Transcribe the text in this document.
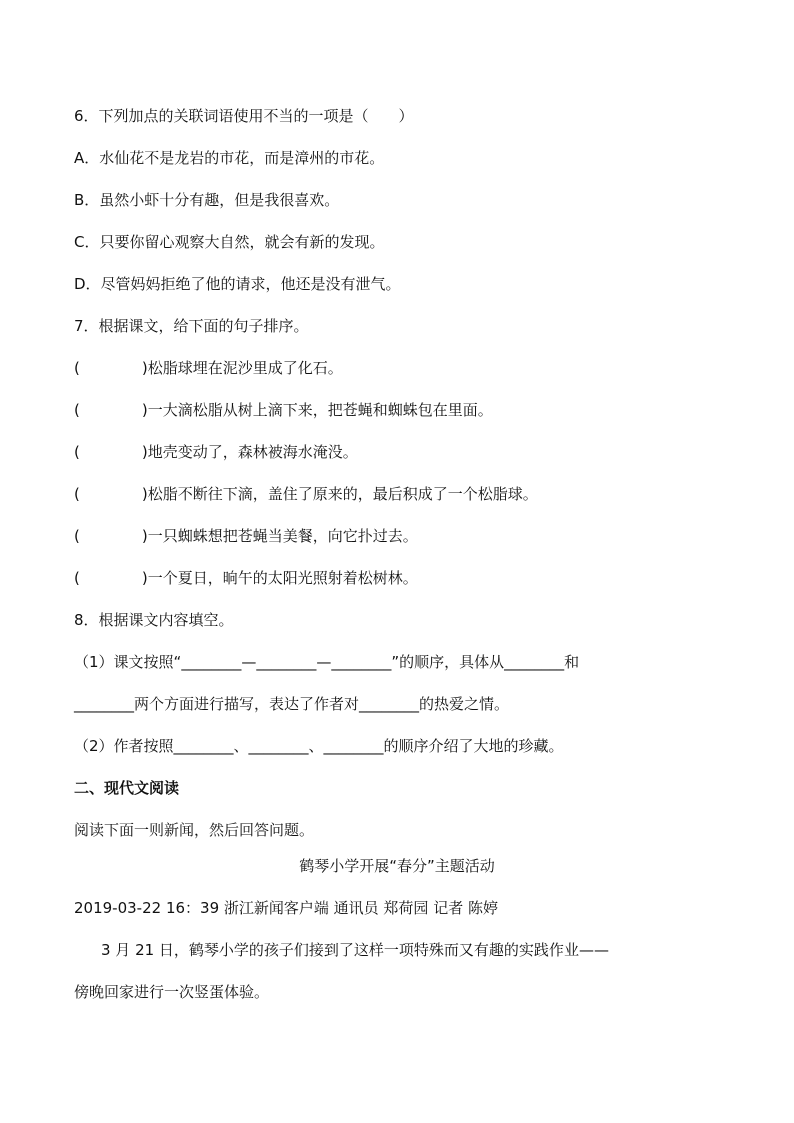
6．下列加点的关联词语使用不当的一项是（　　）
A．水仙花不是龙岩的市花，而是漳州的市花。
B．虽然小虾十分有趣，但是我很喜欢。
C．只要你留心观察大自然，就会有新的发现。
D．尽管妈妈拒绝了他的请求，他还是没有泄气。
7．根据课文，给下面的句子排序。
(	)松脂球埋在泥沙里成了化石。
(	)一大滴松脂从树上滴下来，把苍蝇和蜘蛛包在里面。
(	)地壳变动了，森林被海水淹没。
(	)松脂不断往下滴，盖住了原来的，最后积成了一个松脂球。
(	)一只蜘蛛想把苍蝇当美餐，向它扑过去。
(	)一个夏日，晌午的太阳光照射着松树林。
8．根据课文内容填空。
（1）课文按照“________—________—________”的顺序，具体从________和
________两个方面进行描写，表达了作者对________的热爱之情。
（2）作者按照________、________、________的顺序介绍了大地的珍藏。
二、现代文阅读
阅读下面一则新闻，然后回答问题。
鹤琴小学开展“春分”主题活动
2019-03-22 16：39 浙江新闻客户端 通讯员 郑荷园 记者 陈婷
3 月 21 日，鹤琴小学的孩子们接到了这样一项特殊而又有趣的实践作业——
傍晚回家进行一次竖蛋体验。
